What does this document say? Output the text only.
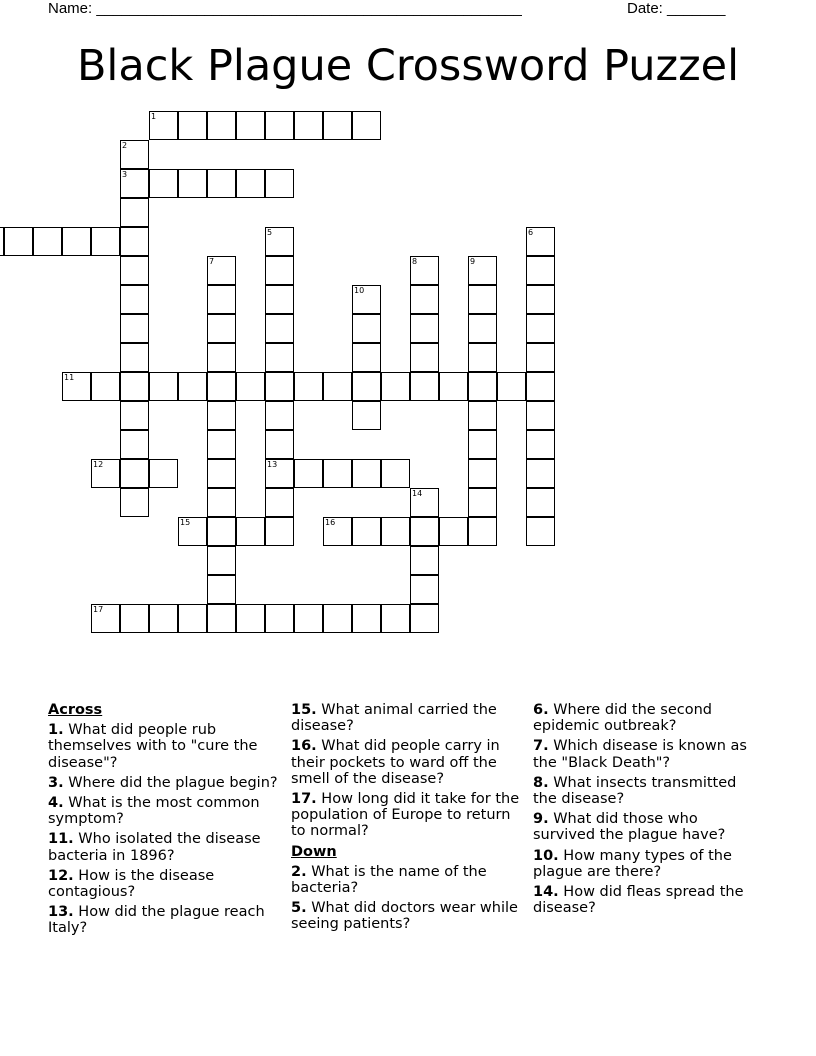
Name: ___________________________________________________	Date: _______
Black Plague Crossword Puzzel
1
2
3
5	6
7	8	9
10
11
12	13
14
15	16
17
Across
1. What did people rub themselves with to "cure the disease"?
3. Where did the plague begin?
4. What is the most common symptom?
11. Who isolated the disease bacteria in 1896?
12. How is the disease contagious?
13. How did the plague reach Italy?
15. What animal carried the disease?
16. What did people carry in their pockets to ward off the smell of the disease?
17. How long did it take for the population of Europe to return to normal?
Down
2. What is the name of the bacteria?
5. What did doctors wear while seeing patients?
6. Where did the second epidemic outbreak?
7. Which disease is known as the "Black Death"?
8. What insects transmitted the disease?
9. What did those who survived the plague have?
10. How many types of the plague are there?
14. How did fleas spread the disease?
